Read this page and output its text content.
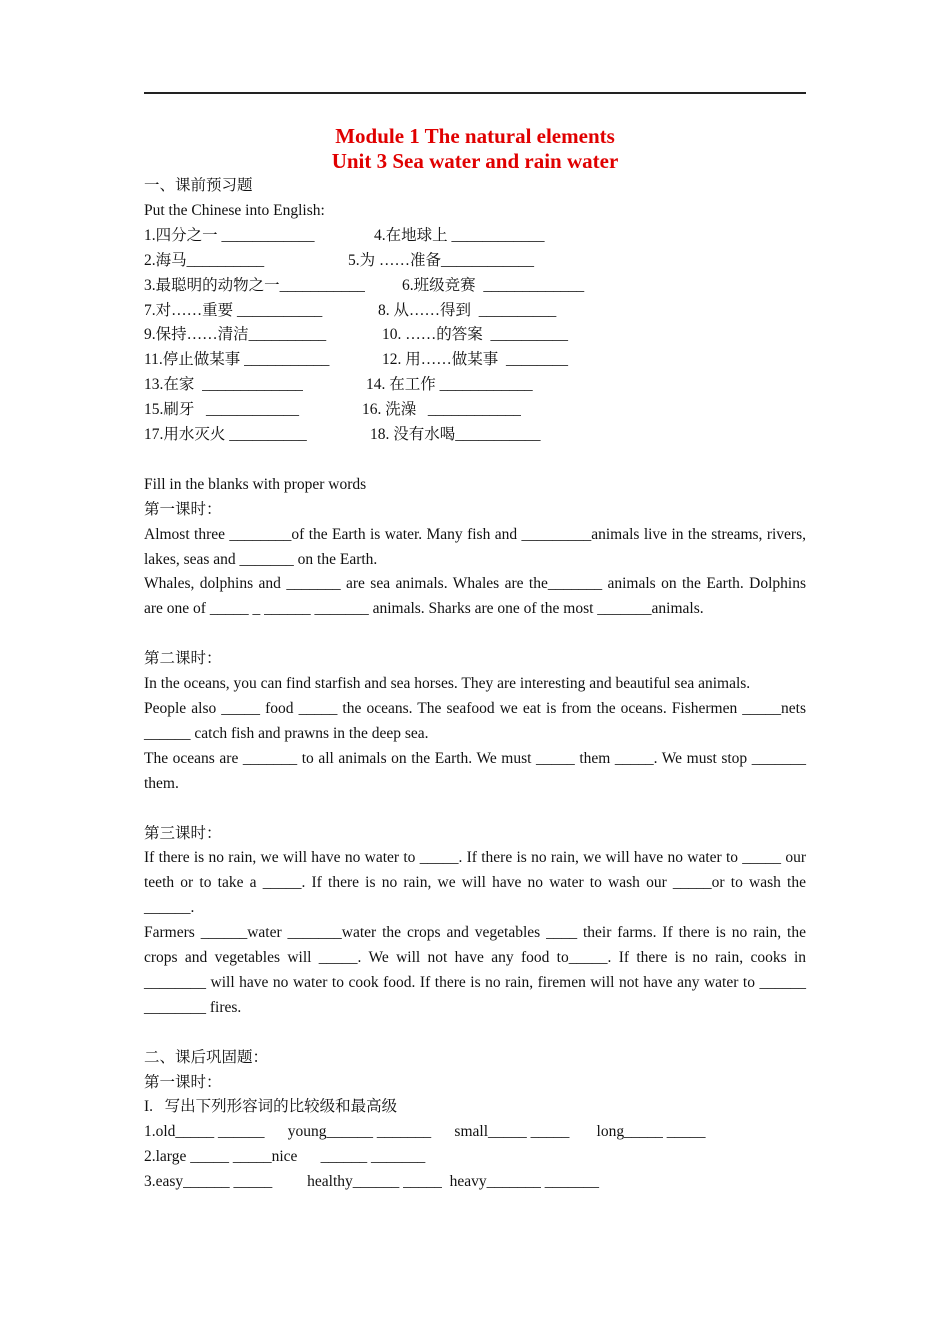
Module 1 The natural elements
Unit 3 Sea water and rain water
一、课前预习题
Put the Chinese into English:
1.四分之一 ____________	4.在地球上 ____________
2.海马__________	5.为 ……准备____________
3.最聪明的动物之一___________	6.班级竞赛  _____________
7.对……重要 ___________	8. 从……得到  __________
9.保持……清洁__________	10. ……的答案  __________
11.停止做某事 ___________	12. 用……做某事  ________
13.在家  _____________	14. 在工作 ____________
15.刷牙   ____________	16. 洗澡   ____________
17.用水灭火 __________	18. 没有水喝___________
Fill in the blanks with proper words
第一课时：
Almost three ________of the Earth is water. Many fish and _________animals live in the streams, rivers, lakes, seas and _______ on the Earth.
Whales, dolphins and _______ are sea animals. Whales are the_______ animals on the Earth. Dolphins are one of _____ _ ______ _______ animals. Sharks are one of the most _______animals.
第二课时：
In the oceans, you can find starfish and sea horses. They are interesting and beautiful sea animals.
People also _____ food _____ the oceans. The seafood we eat is from the oceans. Fishermen _____nets ______ catch fish and prawns in the deep sea.
The oceans are _______ to all animals on the Earth. We must _____ them _____. We must stop _______ them.
第三课时：
If there is no rain, we will have no water to _____. If there is no rain, we will have no water to _____ our teeth or to take a _____. If there is no rain, we will have no water to wash our _____or to wash the ______.
Farmers ______water _______water the crops and vegetables ____ their farms. If there is no rain, the crops and vegetables will _____. We will not have any food to_____. If there is no rain, cooks in ________ will have no water to cook food. If there is no rain, firemen will not have any water to ______ ________ fires.
二、课后巩固题：
第一课时：
I.   写出下列形容词的比较级和最高级
1.old_____ ______      young______ _______      small_____ _____       long_____ _____
2.large _____ _____nice      ______ _______
3.easy______ _____         healthy______ _____  heavy_______ _______
